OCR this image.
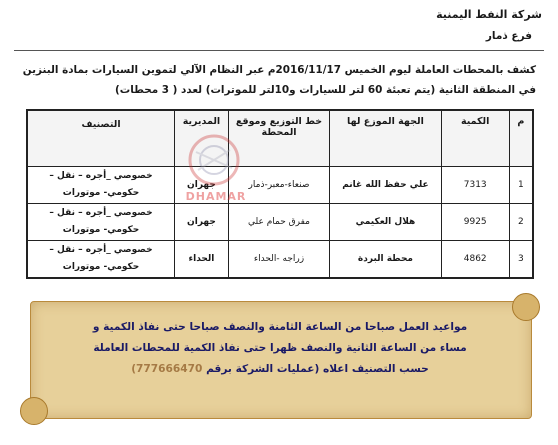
شركة النفط اليمنية
فرع ذمار
كشف بالمحطات العاملة ليوم الخميس 2016/11/17م عبر النظام الآلي لتموين السيارات بمادة البنزين
في المنطقة الثانية (يتم تعبئة 60 لتر للسيارات و10لتر للموترات) لعدد ( 3 محطات)
م	الكمية	الجهة الموزع لها	خط التوزيع وموقع المحطة	المديرية	التصنيف
1	7313	علي حفظ الله غانم	صنعاء-معبر-ذمار	جهران	خصوصي _أجره – نقل – حكومي- موتورات
2	9925	هلال العكيمي	مفرق حمام علي	جهران	خصوصي _أجره – نقل – حكومي- موتورات
3	4862	محطة البردة	زراجه -الحداء	الحداء	خصوصي _أجره – نقل – حكومي- موتورات
DHAMAR
مواعيد العمل صباحا من الساعة الثامنة والنصف صباحا حتى نفاذ الكمية و
مساء من الساعة الثانية والنصف ظهرا حتى نفاذ الكمية للمحطات العاملة
حسب التصنيف اعلاه (عمليات الشركة برقم 777666470)
